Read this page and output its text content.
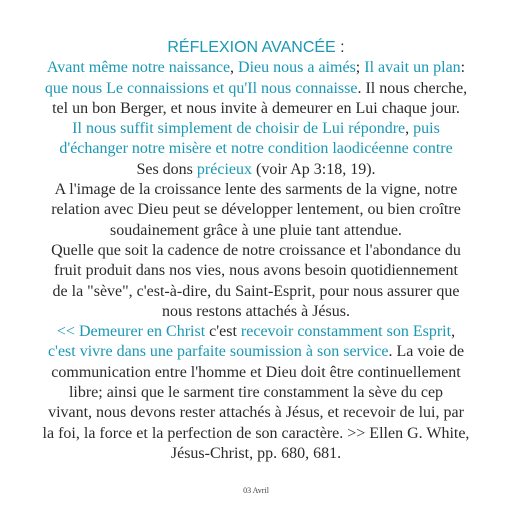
RÉFLEXION AVANCÉE :
Avant même notre naissance, Dieu nous a aimés; Il avait un plan:
que nous Le connaissions et qu'Il nous connaisse. Il nous cherche,
tel un bon Berger, et nous invite à demeurer en Lui chaque jour.
Il nous suffit simplement de choisir de Lui répondre, puis
d'échanger notre misère et notre condition laodicéenne contre
Ses dons précieux (voir Ap 3:18, 19).
A l'image de la croissance lente des sarments de la vigne, notre
relation avec Dieu peut se développer lentement, ou bien croître
soudainement grâce à une pluie tant attendue.
Quelle que soit la cadence de notre croissance et l'abondance du
fruit produit dans nos vies, nous avons besoin quotidiennement
de la "sève", c'est-à-dire, du Saint-Esprit, pour nous assurer que
nous restons attachés à Jésus.
<< Demeurer en Christ c'est recevoir constamment son Esprit,
c'est vivre dans une parfaite soumission à son service. La voie de
communication entre l'homme et Dieu doit être continuellement
libre; ainsi que le sarment tire constamment la sève du cep
vivant, nous devons rester attachés à Jésus, et recevoir de lui, par
la foi, la force et la perfection de son caractère. >> Ellen G. White,
Jésus-Christ, pp. 680, 681.
03 Avril
